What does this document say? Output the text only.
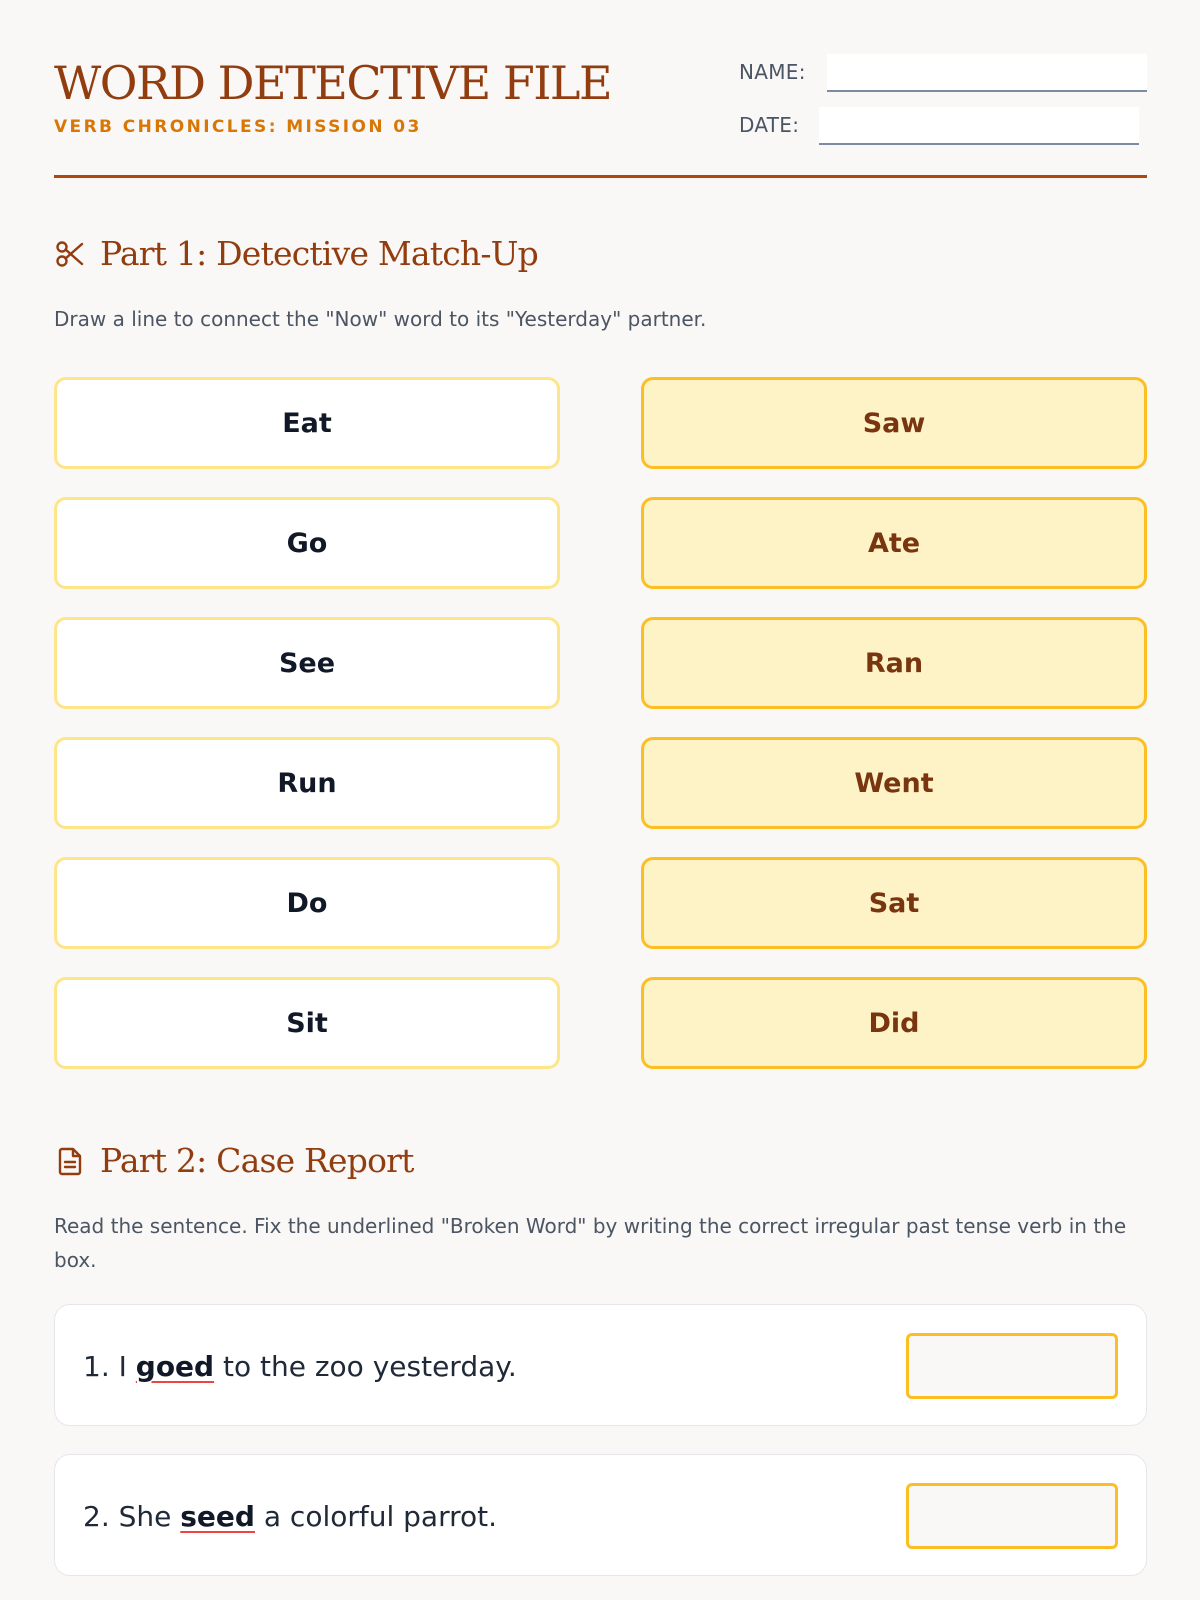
WORD DETECTIVE FILE
VERB CHRONICLES: MISSION 03
NAME:
DATE:
Part 1: Detective Match-Up
Draw a line to connect the "Now" word to its "Yesterday" partner.
Eat
Go
See
Run
Do
Sit
Saw
Ate
Ran
Went
Sat
Did
Part 2: Case Report
Read the sentence. Fix the underlined "Broken Word" by writing the correct irregular past tense verb in the box.
1. I goed to the zoo yesterday.
2. She seed a colorful parrot.
